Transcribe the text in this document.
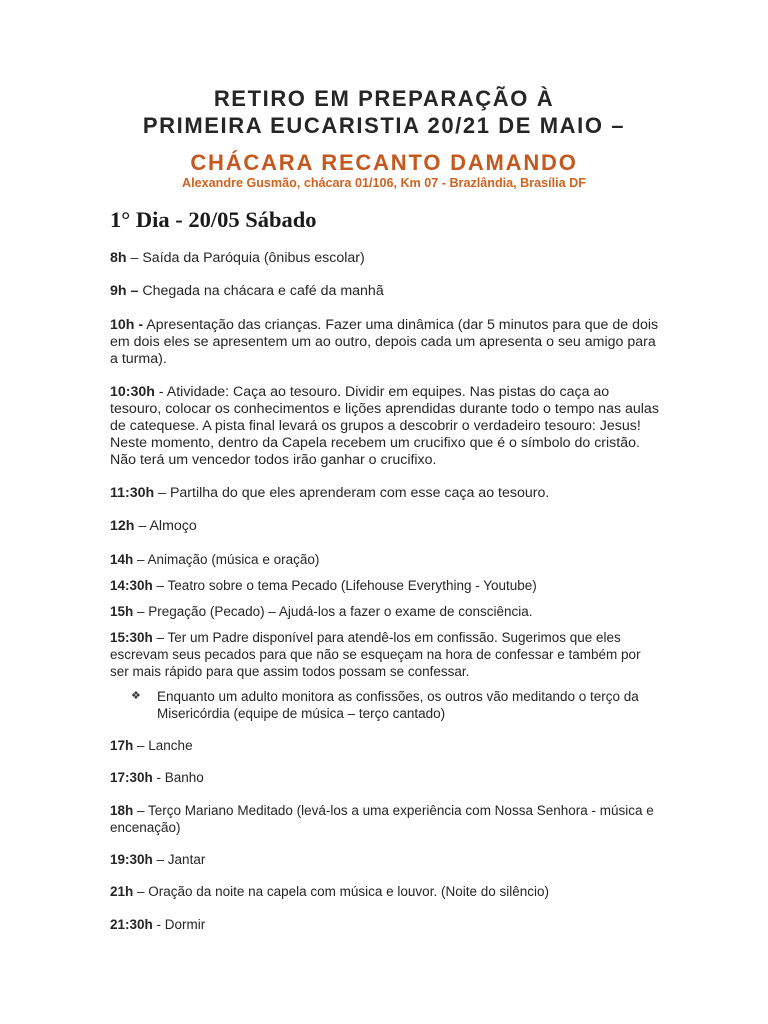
RETIRO EM PREPARAÇÃO À
PRIMEIRA EUCARISTIA 20/21 DE MAIO –
CHÁCARA RECANTO DAMANDO

Alexandre Gusmão, chácara 01/106, Km 07 - Brazlândia, Brasília DF

1° Dia - 20/05 Sábado

8h – Saída da Paróquia (ônibus escolar)

9h – Chegada na chácara e café da manhã

10h - Apresentação das crianças. Fazer uma dinâmica (dar 5 minutos para que de dois em dois eles se apresentem um ao outro, depois cada um apresenta o seu amigo para a turma).

10:30h - Atividade: Caça ao tesouro. Dividir em equipes. Nas pistas do caça ao tesouro, colocar os conhecimentos e lições aprendidas durante todo o tempo nas aulas de catequese. A pista final levará os grupos a descobrir o verdadeiro tesouro: Jesus! Neste momento, dentro da Capela recebem um crucifixo que é o símbolo do cristão. Não terá um vencedor todos irão ganhar o crucifixo.

11:30h – Partilha do que eles aprenderam com esse caça ao tesouro.

12h – Almoço

14h – Animação (música e oração)

14:30h – Teatro sobre o tema Pecado (Lifehouse Everything - Youtube)

15h – Pregação (Pecado) – Ajudá-los a fazer o exame de consciência.

15:30h – Ter um Padre disponível para atendê-los em confissão. Sugerimos que eles escrevam seus pecados para que não se esqueçam na hora de confessar e também por ser mais rápido para que assim todos possam se confessar.

❖ Enquanto um adulto monitora as confissões, os outros vão meditando o terço da Misericórdia (equipe de música – terço cantado)

17h – Lanche

17:30h - Banho

18h – Terço Mariano Meditado (levá-los a uma experiência com Nossa Senhora - música e encenação)

19:30h – Jantar

21h – Oração da noite na capela com música e louvor. (Noite do silêncio)

21:30h - Dormir
